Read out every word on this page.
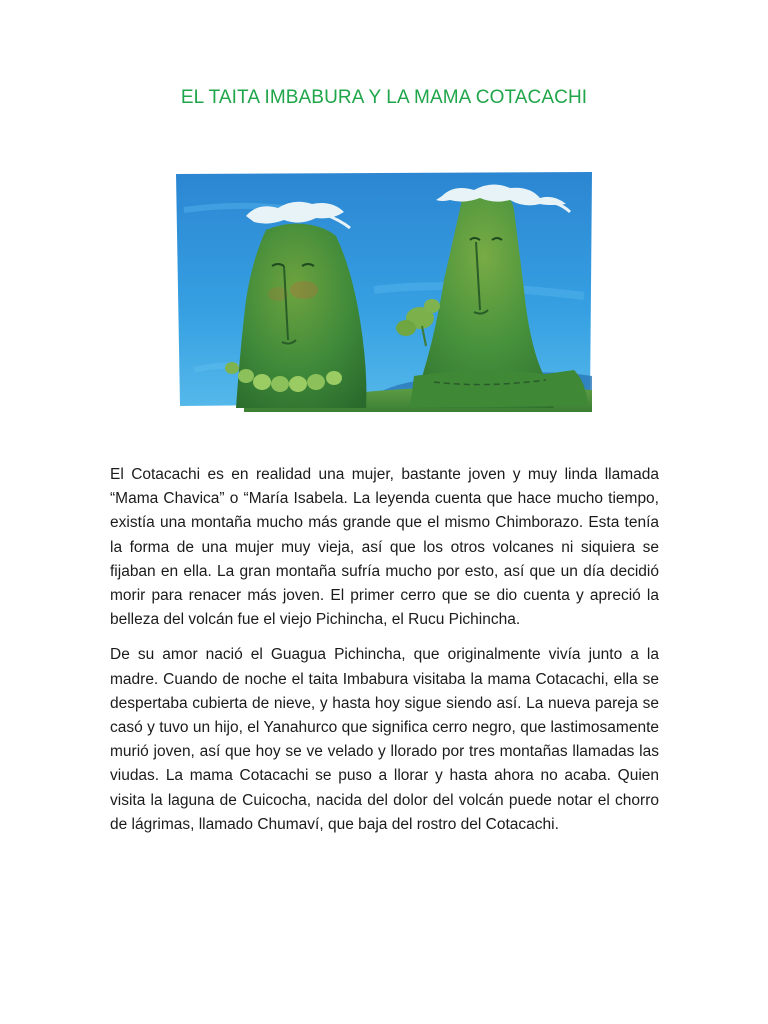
EL TAITA IMBABURA Y LA MAMA COTACACHI

El Cotacachi es en realidad una mujer, bastante joven y muy linda llamada “Mama Chavica” o “María Isabela. La leyenda cuenta que hace mucho tiempo, existía una montaña mucho más grande que el mismo Chimborazo. Esta tenía la forma de una mujer muy vieja, así que los otros volcanes ni siquiera se fijaban en ella. La gran montaña sufría mucho por esto, así que un día decidió morir para renacer más joven. El primer cerro que se dio cuenta y apreció la belleza del volcán fue el viejo Pichincha, el Rucu Pichincha.

De su amor nació el Guagua Pichincha, que originalmente vivía junto a la madre. Cuando de noche el taita Imbabura visitaba la mama Cotacachi, ella se despertaba cubierta de nieve, y hasta hoy sigue siendo así. La nueva pareja se casó y tuvo un hijo, el Yanahurco que significa cerro negro, que lastimosamente murió joven, así que hoy se ve velado y llorado por tres montañas llamadas las viudas. La mama Cotacachi se puso a llorar y hasta ahora no acaba. Quien visita la laguna de Cuicocha, nacida del dolor del volcán puede notar el chorro de lágrimas, llamado Chumaví, que baja del rostro del Cotacachi.
